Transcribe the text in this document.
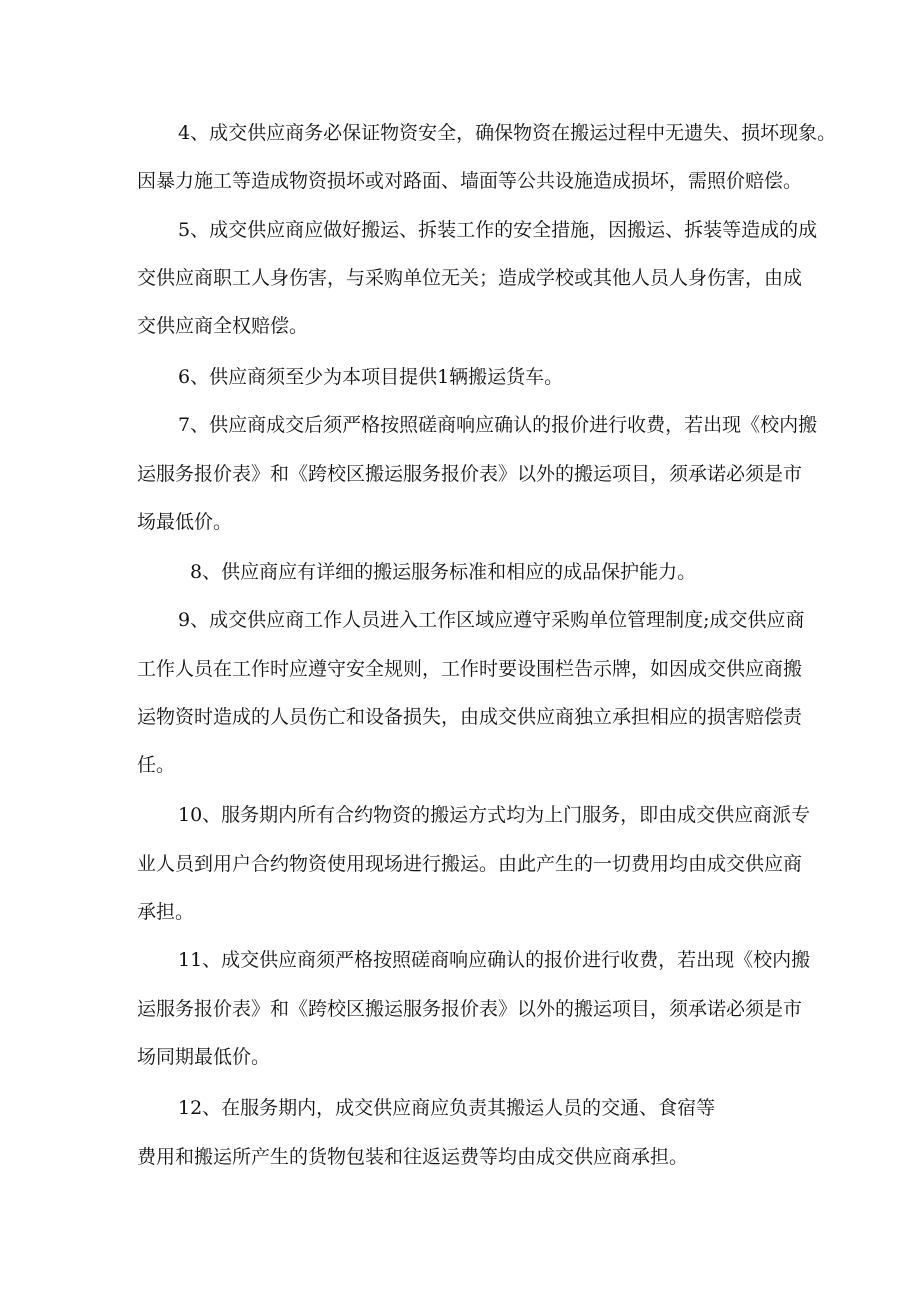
4、成交供应商务必保证物资安全，确保物资在搬运过程中无遗失、损坏现象。
因暴力施工等造成物资损坏或对路面、墙面等公共设施造成损坏，需照价赔偿。
5、成交供应商应做好搬运、拆装工作的安全措施，因搬运、拆装等造成的成
交供应商职工人身伤害，与采购单位无关；造成学校或其他人员人身伤害，由成
交供应商全权赔偿。
6、供应商须至少为本项目提供1辆搬运货车。
7、供应商成交后须严格按照磋商响应确认的报价进行收费，若出现《校内搬
运服务报价表》和《跨校区搬运服务报价表》以外的搬运项目，须承诺必须是市
场最低价。
8、供应商应有详细的搬运服务标准和相应的成品保护能力。
9、成交供应商工作人员进入工作区域应遵守采购单位管理制度;成交供应商
工作人员在工作时应遵守安全规则，工作时要设围栏告示牌，如因成交供应商搬
运物资时造成的人员伤亡和设备损失，由成交供应商独立承担相应的损害赔偿责
任。
10、服务期内所有合约物资的搬运方式均为上门服务，即由成交供应商派专
业人员到用户合约物资使用现场进行搬运。由此产生的一切费用均由成交供应商
承担。
11、成交供应商须严格按照磋商响应确认的报价进行收费，若出现《校内搬
运服务报价表》和《跨校区搬运服务报价表》以外的搬运项目，须承诺必须是市
场同期最低价。
12、在服务期内，成交供应商应负责其搬运人员的交通、食宿等
费用和搬运所产生的货物包装和往返运费等均由成交供应商承担。
